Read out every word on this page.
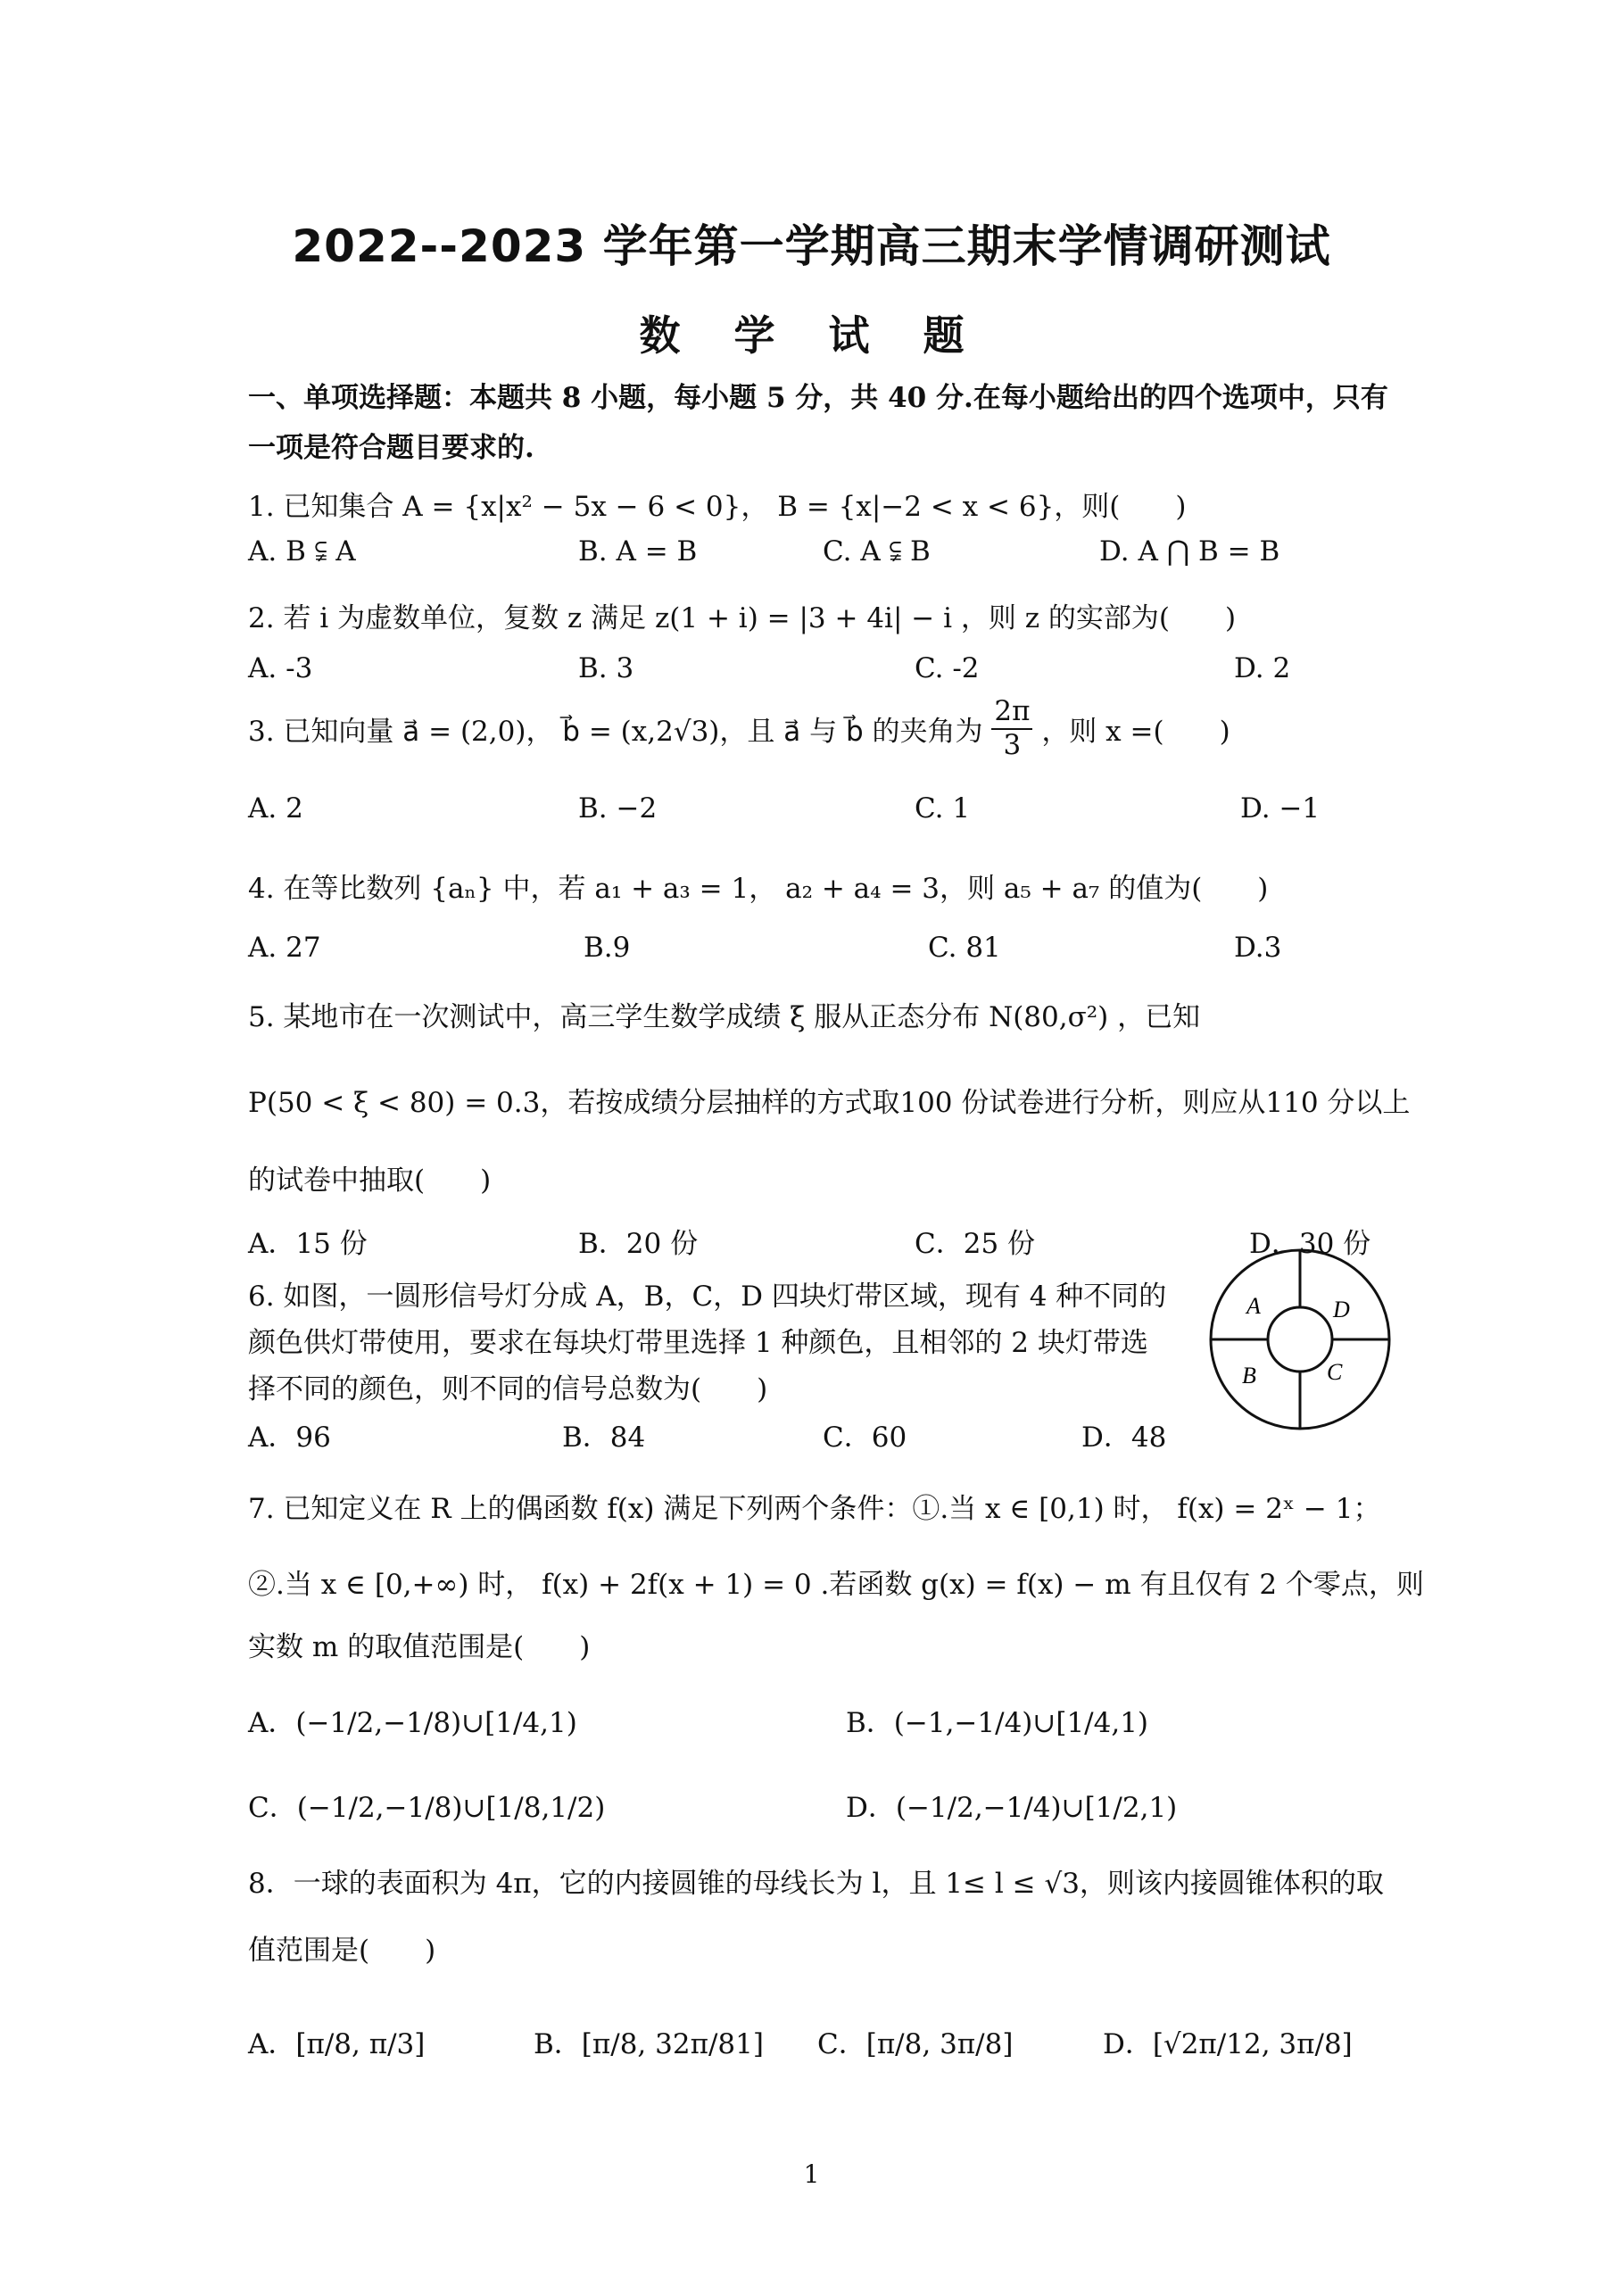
2022--2023 学年第一学期高三期末学情调研测试
数 学 试 题
一、单项选择题：本题共 8 小题，每小题 5 分，共 40 分.在每小题给出的四个选项中，只有
一项是符合题目要求的.
1. 已知集合 A = {x|x² − 5x − 6 < 0}， B = {x|−2 < x < 6}，则(　　)
A. B ⫋ A	B. A = B	C. A ⫋ B	D. A ⋂ B = B
2. 若 i 为虚数单位，复数 z 满足 z(1 + i) = |3 + 4i| − i ，则 z 的实部为(　　)
A. -3	B. 3	C. -2	D. 2
3. 已知向量 a⃗ = (2,0)， b⃗ = (x,2√3)，且 a⃗ 与 b⃗ 的夹角为 $\frac{2\pi}{3}$ ，则 x =(　　)
A. 2	B. −2	C. 1	D. −1
4. 在等比数列 {aₙ} 中，若 a₁ + a₃ = 1， a₂ + a₄ = 3，则 a₅ + a₇ 的值为(　　)
A. 27	B.9	C. 81	D.3
5. 某地市在一次测试中，高三学生数学成绩 ξ 服从正态分布 N(80,σ²) ，已知
P(50 < ξ < 80) = 0.3，若按成绩分层抽样的方式取100 份试卷进行分析，则应从110 分以上
的试卷中抽取(　　)
A．15 份	B．20 份	C．25 份	D．30 份
6. 如图，一圆形信号灯分成 A，B，C，D 四块灯带区域，现有 4 种不同的
颜色供灯带使用，要求在每块灯带里选择 1 种颜色，且相邻的 2 块灯带选
择不同的颜色，则不同的信号总数为(　　)
A．96	B．84	C．60	D．48
A	D
B	C
7. 已知定义在 R 上的偶函数 f(x) 满足下列两个条件：①.当 x ∈ [0,1) 时， f(x) = 2ˣ − 1；
②.当 x ∈ [0,+∞) 时， f(x) + 2f(x + 1) = 0 .若函数 g(x) = f(x) − m 有且仅有 2 个零点，则
实数 m 的取值范围是(　　)
A．(−1/2,−1/8)∪[1/4,1)	B．(−1,−1/4)∪[1/4,1)
C．(−1/2,−1/8)∪[1/8,1/2)	D．(−1/2,−1/4)∪[1/2,1)
8．一球的表面积为 4π，它的内接圆锥的母线长为 l，且 1≤ l ≤ √3，则该内接圆锥体积的取
值范围是(　　)
A．[π/8, π/3]	B．[π/8, 32π/81] C．[π/8, 3π/8]	D．[√2π/12, 3π/8]
1
